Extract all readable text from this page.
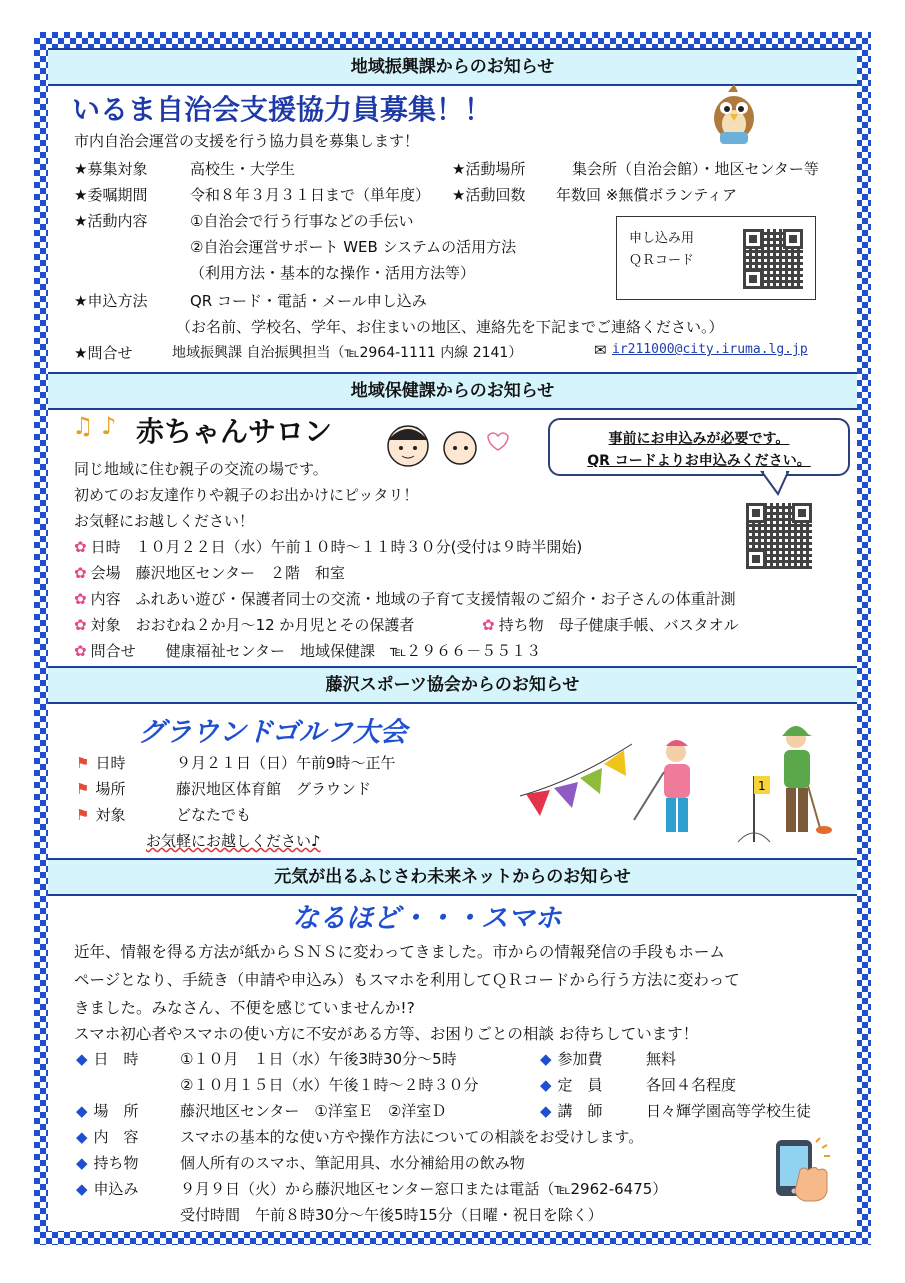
地域振興課からのお知らせ
いるま自治会支援協力員募集！！
市内自治会運営の支援を行う協力員を募集します！
★ 募集対象	高校生・大学生 ★	活動場所	集会所（自治会館）・地区センター等
★ 委嘱期間	令和８年３月３１日まで（単年度） ★	活動回数 年数回 ※無償ボランティア
★ 活動内容	①自治会で行う行事などの手伝い
②自治会運営サポート WEB システムの活用方法
（利用方法・基本的な操作・活用方法等）
申し込み用
ＱＲコード
★ 申込方法	QR コード・電話・メール申し込み
（お名前、学校名、学年、お住まいの地区、連絡先を下記までご連絡ください。）
★ 問合せ	地域振興課 自治振興担当（℡2964-1111 内線 2141）	✉ ir211000@city.iruma.lg.jp
地域保健課からのお知らせ
♫ ♪ 赤ちゃんサロン	事前にお申込みが必要です。
QR コードよりお申込みください。
同じ地域に住む親子の交流の場です。
初めてのお友達作りや親子のお出かけにピッタリ！
お気軽にお越しください！
✿ 日時　１０月２２日（水）午前１０時～１１時３０分(受付は９時半開始)
✿ 会場　藤沢地区センター　２階　和室
✿ 内容　ふれあい遊び・保護者同士の交流・地域の子育て支援情報のご紹介・お子さんの体重計測
✿ 対象　おおむね２か月～12 か月児とその保護者	✿ 持ち物　母子健康手帳、バスタオル
✿ 問合せ　　健康福祉センター　地域保健課　℡２９６６－５５１３
藤沢スポーツ協会からのお知らせ
グラウンドゴルフ大会
⚑ 日時	９月２１日（日）午前9時～正午
⚑ 場所	藤沢地区体育館　グラウンド
⚑ 対象	どなたでも
お気軽にお越しください♪
1
元気が出るふじさわ未来ネットからのお知らせ
なるほど・・・スマホ
近年、情報を得る方法が紙からＳＮＳに変わってきました。市からの情報発信の手段もホーム
ページとなり、手続き（申請や申込み）もスマホを利用してＱＲコードから行う方法に変わって
きました。みなさん、不便を感じていませんか!?
スマホ初心者やスマホの使い方に不安がある方等、お困りごとの相談 お待ちしています！
◆ 日　時	①１０月　１日（水）午後3時30分～5時
②１０月１５日（水）午後１時～２時３０分
◆ 参加費	無料
◆ 定　員	各回４名程度
◆ 場　所	藤沢地区センター　①洋室Ｅ　②洋室Ｄ	◆ 講　師	日々輝学園高等学校生徒
◆ 内　容	スマホの基本的な使い方や操作方法についての相談をお受けします。
◆ 持ち物	個人所有のスマホ、筆記用具、水分補給用の飲み物
◆ 申込み	９月９日（火）から藤沢地区センター窓口または電話（℡2962-6475）
受付時間　午前８時30分～午後5時15分（日曜・祝日を除く）
